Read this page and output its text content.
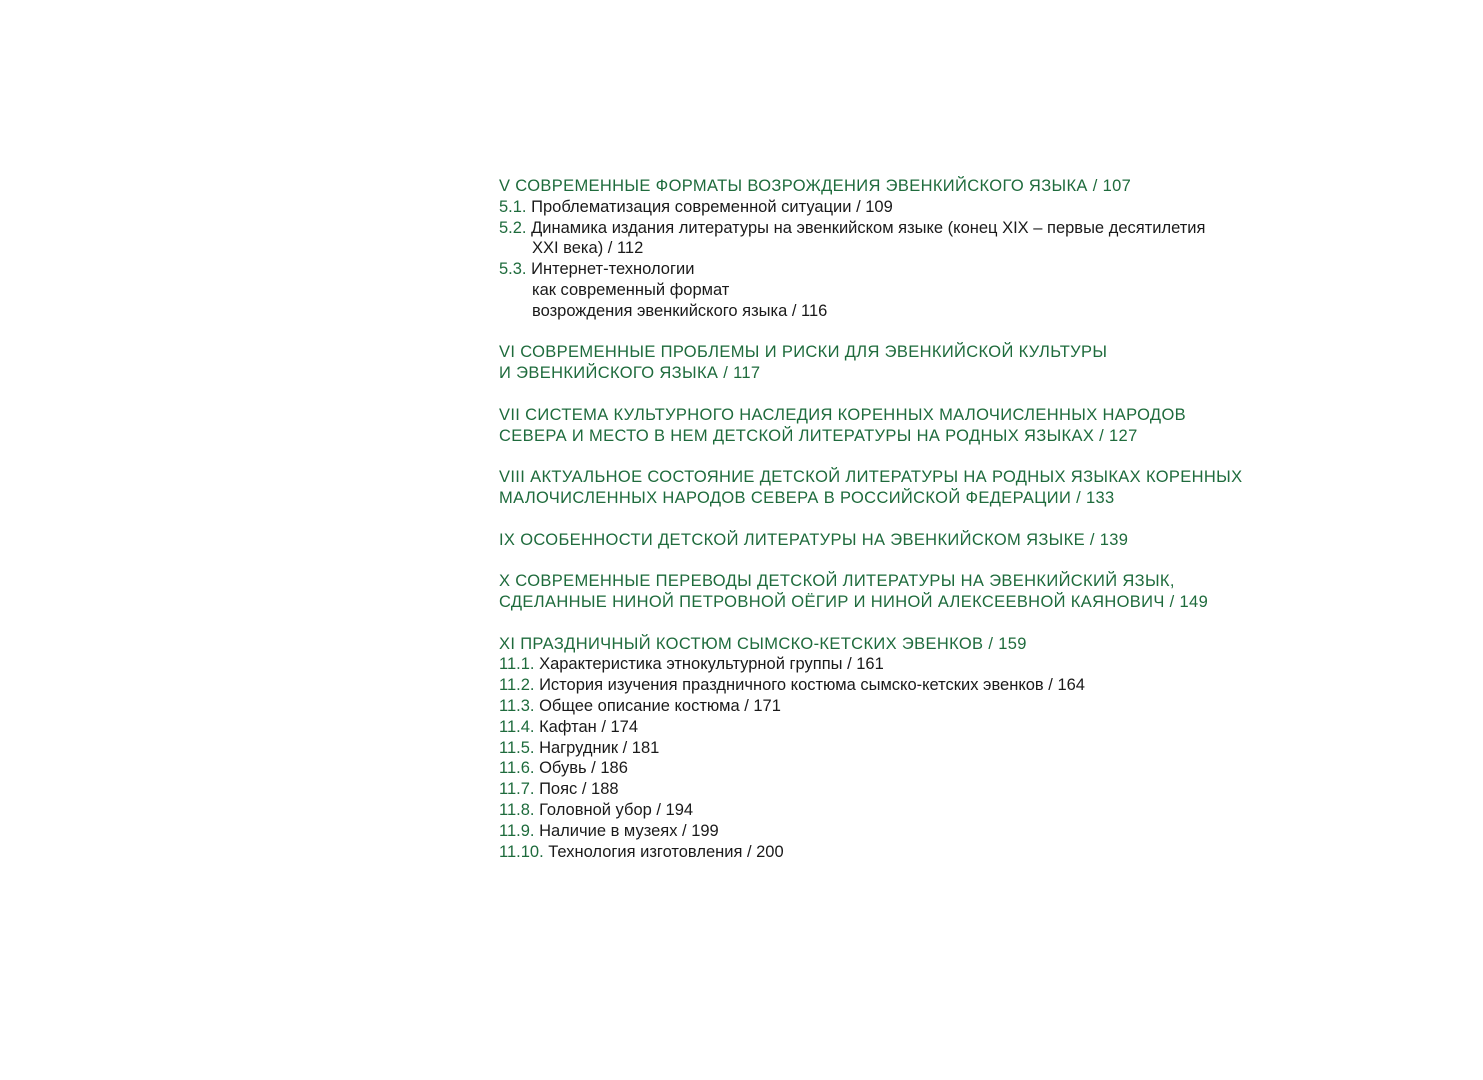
V СОВРЕМЕННЫЕ ФОРМАТЫ ВОЗРОЖДЕНИЯ ЭВЕНКИЙСКОГО ЯЗЫКА / 107
5.1. Проблематизация современной ситуации / 109
5.2. Динамика издания литературы на эвенкийском языке (конец XIX – первые десятилетия
XXI века) / 112
5.3. Интернет-технологии
как современный формат
возрождения эвенкийского языка / 116
VI СОВРЕМЕННЫЕ ПРОБЛЕМЫ И РИСКИ ДЛЯ ЭВЕНКИЙСКОЙ КУЛЬТУРЫ
И ЭВЕНКИЙСКОГО ЯЗЫКА / 117
VII СИСТЕМА КУЛЬТУРНОГО НАСЛЕДИЯ КОРЕННЫХ МАЛОЧИСЛЕННЫХ НАРОДОВ
СЕВЕРА И МЕСТО В НЕМ ДЕТСКОЙ ЛИТЕРАТУРЫ НА РОДНЫХ ЯЗЫКАХ / 127
VIII АКТУАЛЬНОЕ СОСТОЯНИЕ ДЕТСКОЙ ЛИТЕРАТУРЫ НА РОДНЫХ ЯЗЫКАХ КОРЕННЫХ
МАЛОЧИСЛЕННЫХ НАРОДОВ СЕВЕРА В РОССИЙСКОЙ ФЕДЕРАЦИИ / 133
IX ОСОБЕННОСТИ ДЕТСКОЙ ЛИТЕРАТУРЫ НА ЭВЕНКИЙСКОМ ЯЗЫКЕ / 139
X СОВРЕМЕННЫЕ ПЕРЕВОДЫ ДЕТСКОЙ ЛИТЕРАТУРЫ НА ЭВЕНКИЙСКИЙ ЯЗЫК,
СДЕЛАННЫЕ НИНОЙ ПЕТРОВНОЙ ОЁГИР И НИНОЙ АЛЕКСЕЕВНОЙ КАЯНОВИЧ / 149
XI ПРАЗДНИЧНЫЙ КОСТЮМ СЫМСКО-КЕТСКИХ ЭВЕНКОВ / 159
11.1. Характеристика этнокультурной группы / 161
11.2. История изучения праздничного костюма сымско-кетских эвенков / 164
11.3. Общее описание костюма / 171
11.4. Кафтан / 174
11.5. Нагрудник / 181
11.6. Обувь / 186
11.7. Пояс / 188
11.8. Головной убор / 194
11.9. Наличие в музеях / 199
11.10. Технология изготовления / 200
